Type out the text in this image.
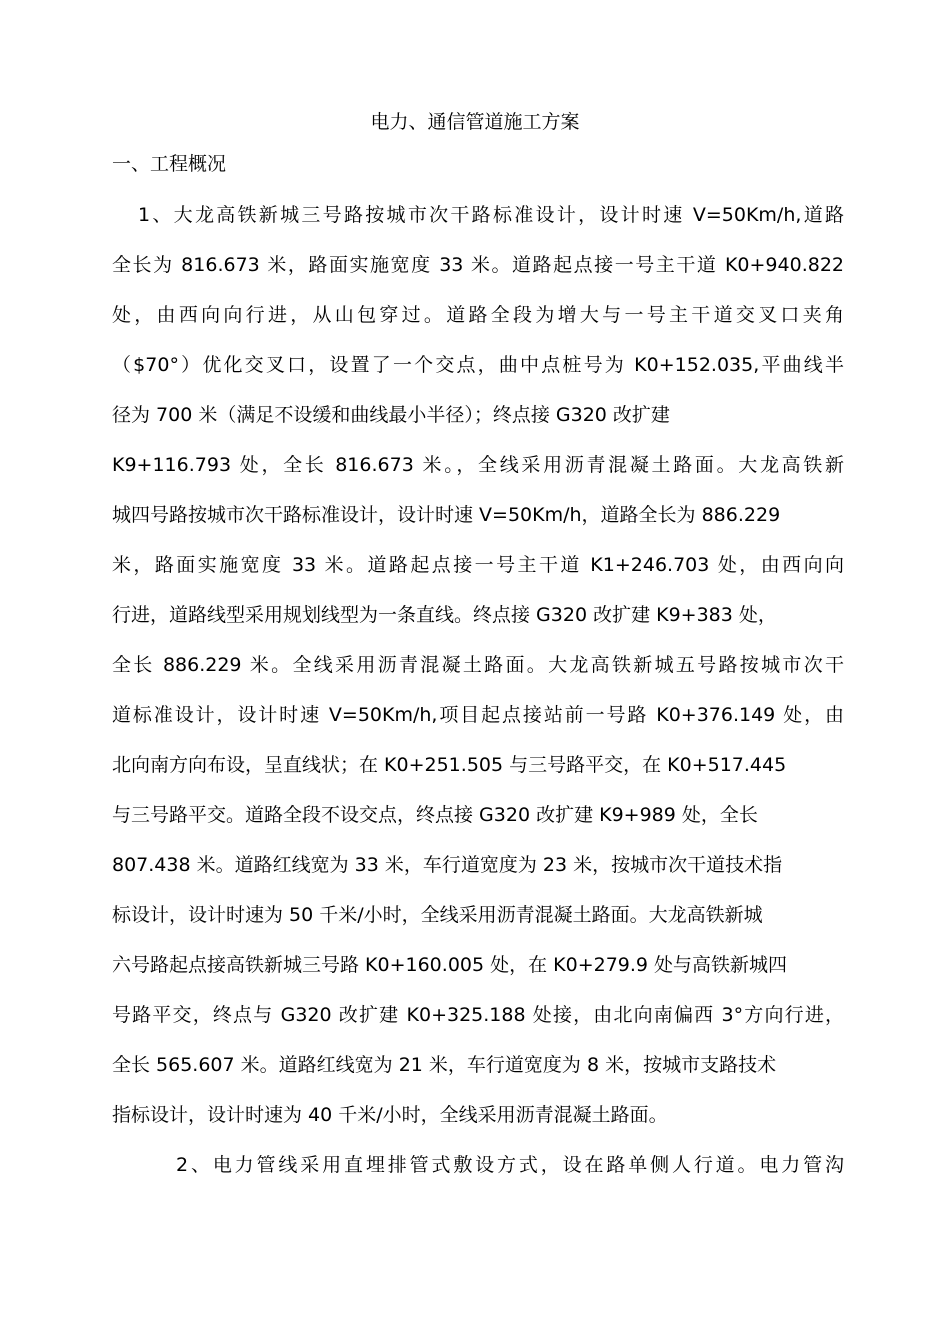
电力、通信管道施工方案
一、工程概况
1、大龙高铁新城三号路按城市次干路标准设计，设计时速 V=50Km/h,道路
全长为 816.673 米，路面实施宽度 33 米。道路起点接一号主干道 K0+940.822
处，由西向向行进，从山包穿过。道路全段为增大与一号主干道交叉口夹角
（$70°）优化交叉口，设置了一个交点，曲中点桩号为 K0+152.035,平曲线半
径为 700 米（满足不设缓和曲线最小半径）；终点接 G320 改扩建
K9+116.793 处，全长 816.673 米。，全线采用沥青混凝土路面。大龙高铁新
城四号路按城市次干路标准设计，设计时速 V=50Km/h，道路全长为 886.229
米，路面实施宽度 33 米。道路起点接一号主干道 K1+246.703 处，由西向向
行进，道路线型采用规划线型为一条直线。终点接 G320 改扩建 K9+383 处，
全长 886.229 米。全线采用沥青混凝土路面。大龙高铁新城五号路按城市次干
道标准设计，设计时速 V=50Km/h,项目起点接站前一号路 K0+376.149 处，由
北向南方向布设，呈直线状；在 K0+251.505 与三号路平交，在 K0+517.445
与三号路平交。道路全段不设交点，终点接 G320 改扩建 K9+989 处，全长
807.438 米。道路红线宽为 33 米，车行道宽度为 23 米，按城市次干道技术指
标设计，设计时速为 50 千米/小时，全线采用沥青混凝土路面。大龙高铁新城
六号路起点接高铁新城三号路 K0+160.005 处，在 K0+279.9 处与高铁新城四
号路平交，终点与 G320 改扩建 K0+325.188 处接，由北向南偏西 3°方向行进，
全长 565.607 米。道路红线宽为 21 米，车行道宽度为 8 米，按城市支路技术
指标设计，设计时速为 40 千米/小时，全线采用沥青混凝土路面。
2、电力管线采用直埋排管式敷设方式，设在路单侧人行道。电力管沟
